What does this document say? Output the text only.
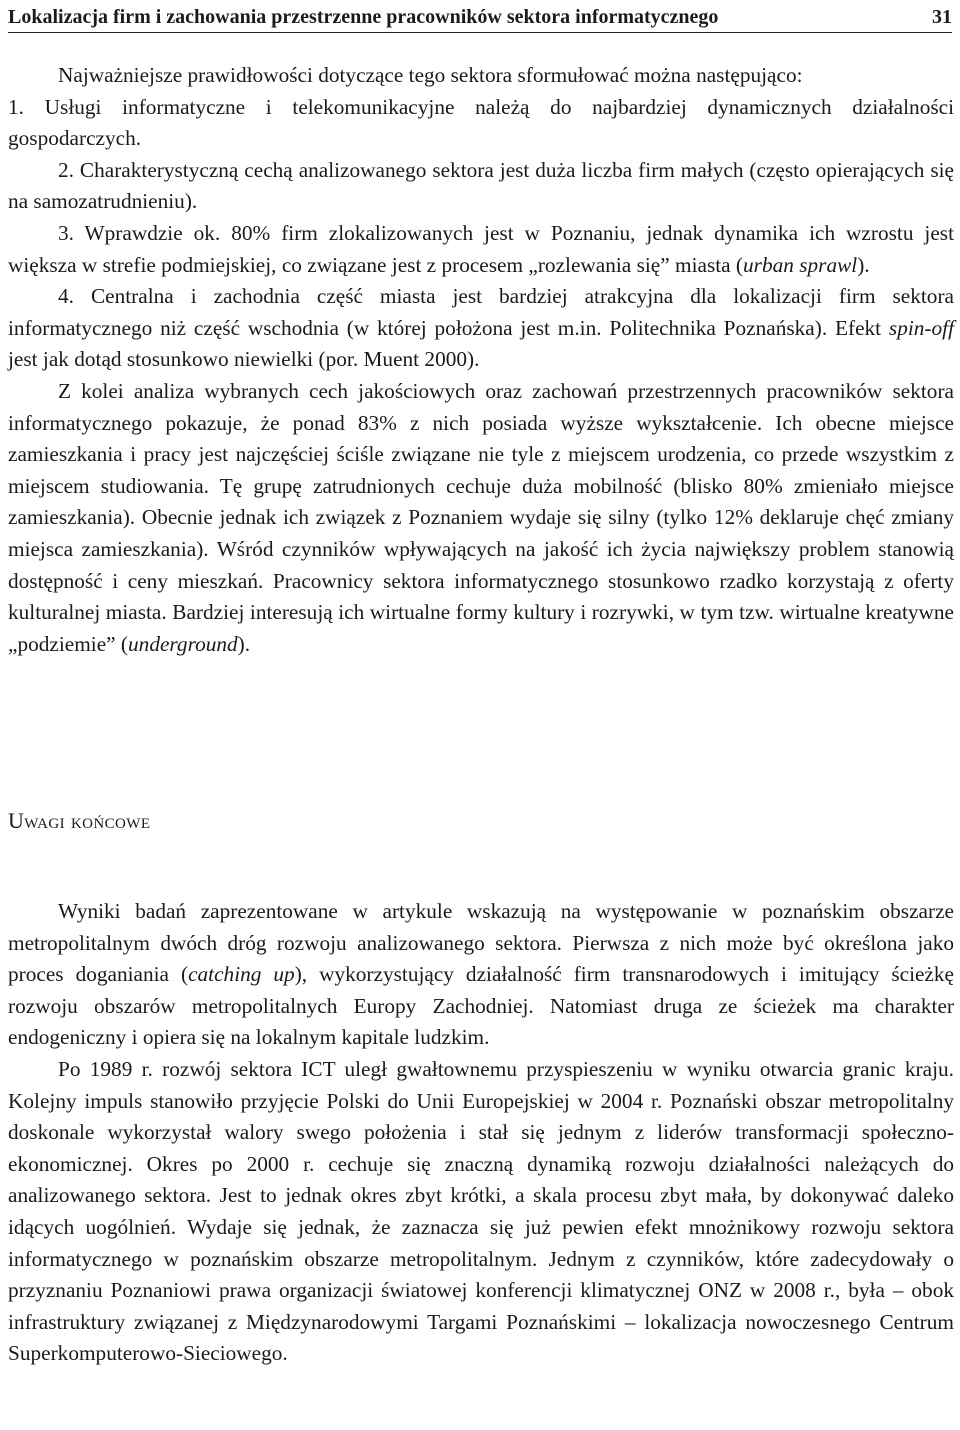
Lokalizacja firm i zachowania przestrzenne pracowników sektora informatycznego	31

Najważniejsze prawidłowości dotyczące tego sektora sformułować można następująco:

1. Usługi informatyczne i telekomunikacyjne należą do najbardziej dynamicznych działalności gospodarczych.

2. Charakterystyczną cechą analizowanego sektora jest duża liczba firm małych (często opierających się na samozatrudnieniu).

3. Wprawdzie ok. 80% firm zlokalizowanych jest w Poznaniu, jednak dynamika ich wzrostu jest większa w strefie podmiejskiej, co związane jest z procesem „rozlewania się” miasta (urban sprawl).

4. Centralna i zachodnia część miasta jest bardziej atrakcyjna dla lokalizacji firm sektora informatycznego niż część wschodnia (w której położona jest m.in. Politechnika Poznańska). Efekt spin-off jest jak dotąd stosunkowo niewielki (por. Muent 2000).

Z kolei analiza wybranych cech jakościowych oraz zachowań przestrzennych pracowników sektora informatycznego pokazuje, że ponad 83% z nich posiada wyższe wykształcenie. Ich obecne miejsce zamieszkania i pracy jest najczęściej ściśle związane nie tyle z miejscem urodzenia, co przede wszystkim z miejscem studiowania. Tę grupę zatrudnionych cechuje duża mobilność (blisko 80% zmieniało miejsce zamieszkania). Obecnie jednak ich związek z Poznaniem wydaje się silny (tylko 12% deklaruje chęć zmiany miejsca zamieszkania). Wśród czynników wpływających na jakość ich życia największy problem stanowią dostępność i ceny mieszkań. Pracownicy sektora informatycznego stosunkowo rzadko korzystają z oferty kulturalnej miasta. Bardziej interesują ich wirtualne formy kultury i rozrywki, w tym tzw. wirtualne kreatywne „podziemie” (underground).

Uwagi końcowe

Wyniki badań zaprezentowane w artykule wskazują na występowanie w poznańskim obszarze metropolitalnym dwóch dróg rozwoju analizowanego sektora. Pierwsza z nich może być określona jako proces doganiania (catching up), wykorzystujący działalność firm transnarodowych i imitujący ścieżkę rozwoju obszarów metropolitalnych Europy Zachodniej. Natomiast druga ze ścieżek ma charakter endogeniczny i opiera się na lokalnym kapitale ludzkim.

Po 1989 r. rozwój sektora ICT uległ gwałtownemu przyspieszeniu w wyniku otwarcia granic kraju. Kolejny impuls stanowiło przyjęcie Polski do Unii Europejskiej w 2004 r. Poznański obszar metropolitalny doskonale wykorzystał walory swego położenia i stał się jednym z liderów transformacji społeczno-ekonomicznej. Okres po 2000 r. cechuje się znaczną dynamiką rozwoju działalności należących do analizowanego sektora. Jest to jednak okres zbyt krótki, a skala procesu zbyt mała, by dokonywać daleko idących uogólnień. Wydaje się jednak, że zaznacza się już pewien efekt mnożnikowy rozwoju sektora informatycznego w poznańskim obszarze metropolitalnym. Jednym z czynników, które zadecydowały o przyznaniu Poznaniowi prawa organizacji światowej konferencji klimatycznej ONZ w 2008 r., była – obok infrastruktury związanej z Międzynarodowymi Targami Poznańskimi – lokalizacja nowoczesnego Centrum Superkomputerowo-Sieciowego.
